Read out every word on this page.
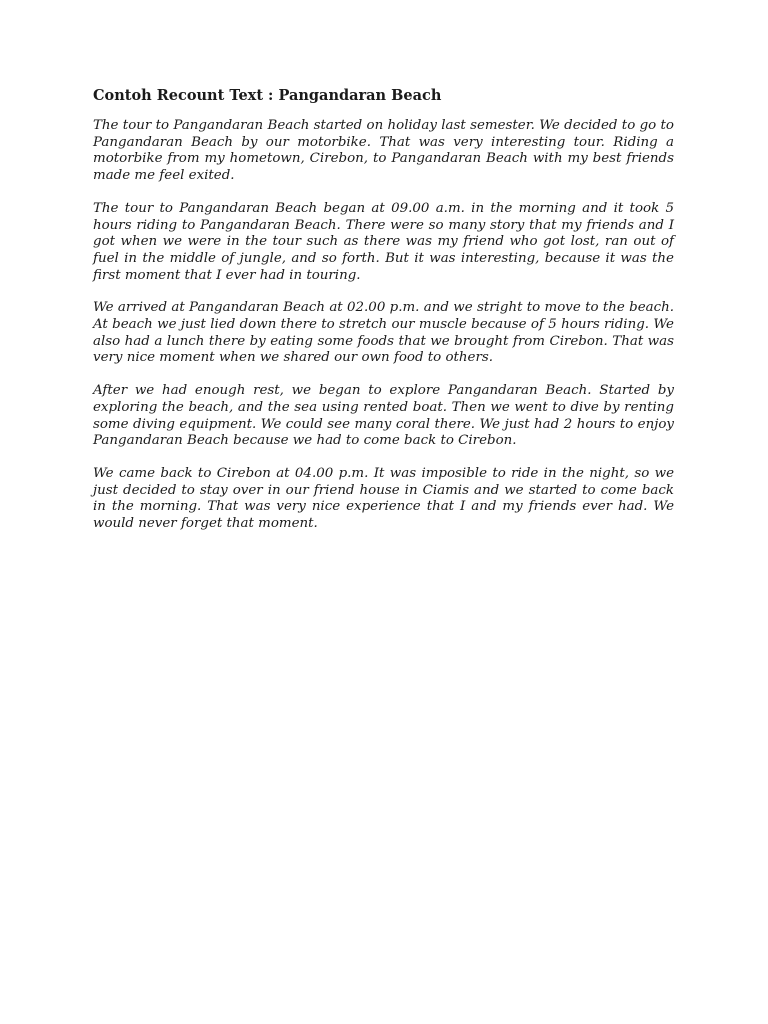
Contoh Recount Text : Pangandaran Beach

The tour to Pangandaran Beach started on holiday last semester. We decided to go to Pangandaran Beach by our motorbike. That was very interesting tour. Riding a motorbike from my hometown, Cirebon, to Pangandaran Beach with my best friends made me feel exited.

The tour to Pangandaran Beach began at 09.00 a.m. in the morning and it took 5 hours riding to Pangandaran Beach. There were so many story that my friends and I got when we were in the tour such as there was my friend who got lost, ran out of fuel in the middle of jungle, and so forth. But it was interesting, because it was the first moment that I ever had in touring.

We arrived at Pangandaran Beach at 02.00 p.m. and we stright to move to the beach. At beach we just lied down there to stretch our muscle because of 5 hours riding. We also had a lunch there by eating some foods that we brought from Cirebon. That was very nice moment when we shared our own food to others.

After we had enough rest, we began to explore Pangandaran Beach. Started by exploring the beach, and the sea using rented boat. Then we went to dive by renting some diving equipment. We could see many coral there. We just had 2 hours to enjoy Pangandaran Beach because we had to come back to Cirebon.

We came back to Cirebon at 04.00 p.m. It was imposible to ride in the night, so we just decided to stay over in our friend house in Ciamis and we started to come back in the morning. That was very nice experience that I and my friends ever had. We would never forget that moment.
